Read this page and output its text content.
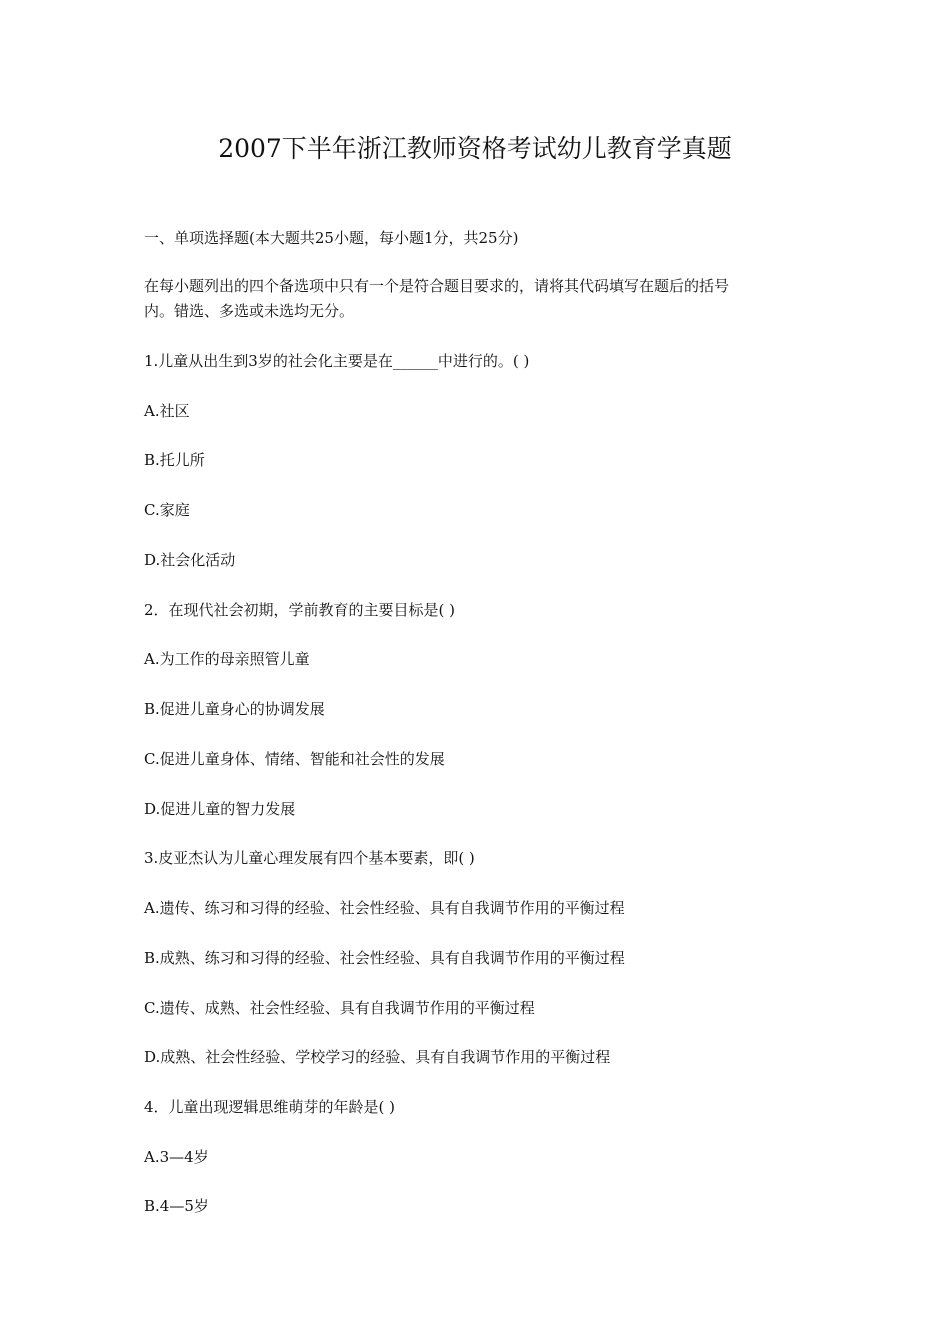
2007下半年浙江教师资格考试幼儿教育学真题

一、单项选择题(本大题共25小题，每小题1分，共25分)

在每小题列出的四个备选项中只有一个是符合题目要求的，请将其代码填写在题后的括号

内。错选、多选或未选均无分。

1.儿童从出生到3岁的社会化主要是在______中进行的。( )

A.社区

B.托儿所

C.家庭

D.社会化活动

2．在现代社会初期，学前教育的主要目标是( )

A.为工作的母亲照管儿童

B.促进儿童身心的协调发展

C.促进儿童身体、情绪、智能和社会性的发展

D.促进儿童的智力发展

3.皮亚杰认为儿童心理发展有四个基本要素，即( )

A.遗传、练习和习得的经验、社会性经验、具有自我调节作用的平衡过程

B.成熟、练习和习得的经验、社会性经验、具有自我调节作用的平衡过程

C.遗传、成熟、社会性经验、具有自我调节作用的平衡过程

D.成熟、社会性经验、学校学习的经验、具有自我调节作用的平衡过程

4．儿童出现逻辑思维萌芽的年龄是( )

A.3—4岁

B.4—5岁
